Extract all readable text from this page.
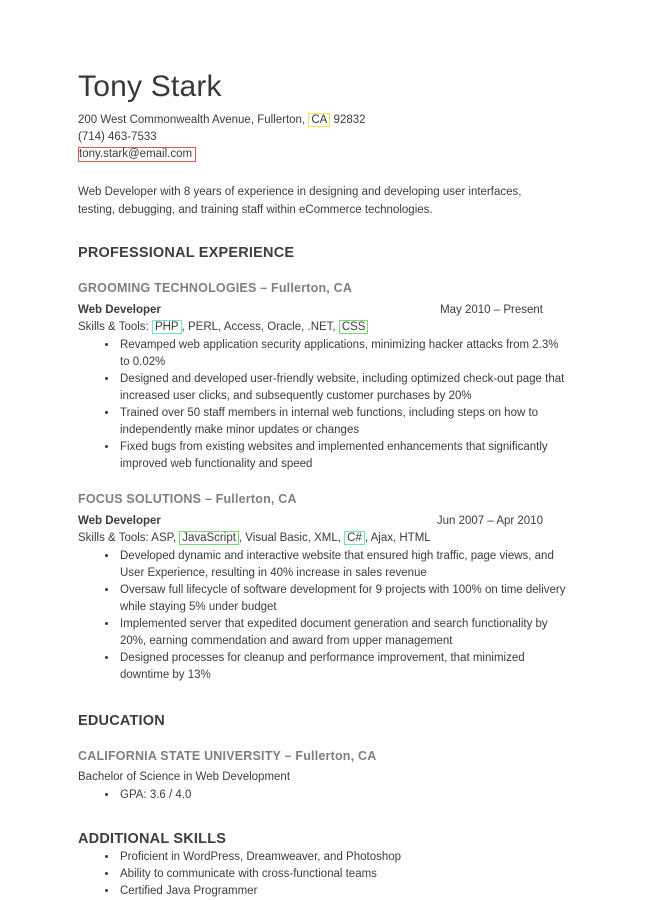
Tony Stark
200 West Commonwealth Avenue, Fullerton, CA 92832
(714) 463-7533
tony.stark@email.com
Web Developer with 8 years of experience in designing and developing user interfaces, testing, debugging, and training staff within eCommerce technologies.
PROFESSIONAL EXPERIENCE
GROOMING TECHNOLOGIES – Fullerton, CA
Web Developer	May 2010 – Present
Skills & Tools: PHP , PERL, Access, Oracle, .NET, CSS
• Revamped web application security applications, minimizing hacker attacks from 2.3% to 0.02%
• Designed and developed user-friendly website, including optimized check-out page that increased user clicks, and subsequently customer purchases by 20%
• Trained over 50 staff members in internal web functions, including steps on how to independently make minor updates or changes
• Fixed bugs from existing websites and implemented enhancements that significantly improved web functionality and speed
FOCUS SOLUTIONS – Fullerton, CA
Web Developer	Jun 2007 – Apr 2010
Skills & Tools: ASP, JavaScript , Visual Basic, XML, C# , Ajax, HTML
• Developed dynamic and interactive website that ensured high traffic, page views, and User Experience, resulting in 40% increase in sales revenue
• Oversaw full lifecycle of software development for 9 projects with 100% on time delivery while staying 5% under budget
• Implemented server that expedited document generation and search functionality by 20%, earning commendation and award from upper management
• Designed processes for cleanup and performance improvement, that minimized downtime by 13%
EDUCATION
CALIFORNIA STATE UNIVERSITY – Fullerton, CA
Bachelor of Science in Web Development
• GPA: 3.6 / 4.0
ADDITIONAL SKILLS
• Proficient in WordPress, Dreamweaver, and Photoshop
• Ability to communicate with cross-functional teams
• Certified Java Programmer
